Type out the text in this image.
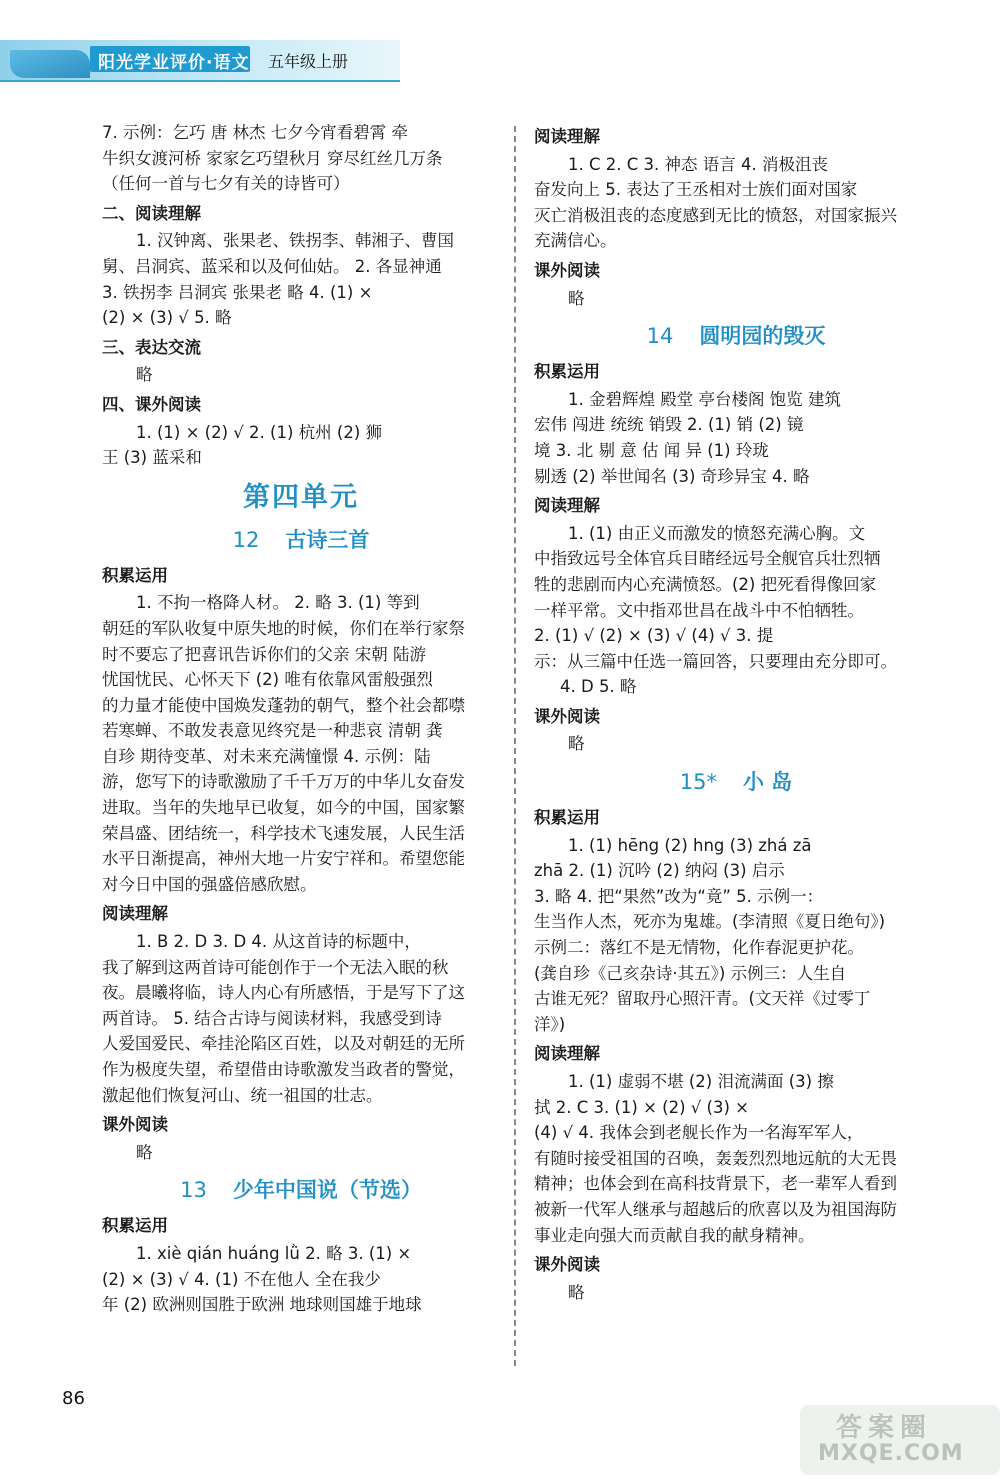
阳光学业评价·语文 五年级上册

7. 示例：乞巧 唐 林杰 七夕今宵看碧霄 牵

牛织女渡河桥 家家乞巧望秋月 穿尽红丝几万条

（任何一首与七夕有关的诗皆可）

二、阅读理解

1. 汉钟离、张果老、铁拐李、韩湘子、曹国

舅、吕洞宾、蓝采和以及何仙姑。 2. 各显神通

3. 铁拐李 吕洞宾 张果老 略 4. (1) ×

(2) × (3) √ 5. 略

三、表达交流

略

四、课外阅读

1. (1) × (2) √ 2. (1) 杭州 (2) 狮

王 (3) 蓝采和

第四单元
12 古诗三首

积累运用

1. 不拘一格降人材。 2. 略 3. (1) 等到

朝廷的军队收复中原失地的时候，你们在举行家祭

时不要忘了把喜讯告诉你们的父亲 宋朝 陆游

忧国忧民、心怀天下 (2) 唯有依靠风雷般强烈

的力量才能使中国焕发蓬勃的朝气，整个社会都噤

若寒蝉、不敢发表意见终究是一种悲哀 清朝 龚

自珍 期待变革、对未来充满憧憬 4. 示例：陆

游，您写下的诗歌激励了千千万万的中华儿女奋发

进取。当年的失地早已收复，如今的中国，国家繁

荣昌盛、团结统一，科学技术飞速发展，人民生活

水平日渐提高，神州大地一片安宁祥和。希望您能

对今日中国的强盛倍感欣慰。

阅读理解

1. B 2. D 3. D 4. 从这首诗的标题中，

我了解到这两首诗可能创作于一个无法入眠的秋

夜。晨曦将临，诗人内心有所感悟，于是写下了这

两首诗。 5. 结合古诗与阅读材料，我感受到诗

人爱国爱民、牵挂沦陷区百姓，以及对朝廷的无所

作为极度失望，希望借由诗歌激发当政者的警觉，

激起他们恢复河山、统一祖国的壮志。

课外阅读

略

13 少年中国说（节选）

积累运用

1. xiè qián huáng lǜ 2. 略 3. (1) ×

(2) × (3) √ 4. (1) 不在他人 全在我少

年 (2) 欧洲则国胜于欧洲 地球则国雄于地球

阅读理解

1. C 2. C 3. 神态 语言 4. 消极沮丧

奋发向上 5. 表达了王丞相对士族们面对国家

灭亡消极沮丧的态度感到无比的愤怒，对国家振兴

充满信心。

课外阅读

略

14 圆明园的毁灭

积累运用

1. 金碧辉煌 殿堂 亭台楼阁 饱览 建筑

宏伟 闯进 统统 销毁 2. (1) 销 (2) 镜

境 3. 北 剔 意 估 闻 异 (1) 玲珑

剔透 (2) 举世闻名 (3) 奇珍异宝 4. 略

阅读理解

1. (1) 由正义而激发的愤怒充满心胸。文

中指致远号全体官兵目睹经远号全舰官兵壮烈牺

牲的悲剧而内心充满愤怒。(2) 把死看得像回家

一样平常。文中指邓世昌在战斗中不怕牺牲。

2. (1) √ (2) × (3) √ (4) √ 3. 提

示：从三篇中任选一篇回答，只要理由充分即可。

4. D 5. 略

课外阅读

略

15* 小 岛

积累运用

1. (1) hēng (2) hng (3) zhá zā

zhā 2. (1) 沉吟 (2) 纳闷 (3) 启示

3. 略 4. 把“果然”改为“竟” 5. 示例一：

生当作人杰，死亦为鬼雄。(李清照《夏日绝句》)

示例二：落红不是无情物，化作春泥更护花。

(龚自珍《己亥杂诗·其五》) 示例三：人生自

古谁无死？留取丹心照汗青。(文天祥《过零丁

洋》)

阅读理解

1. (1) 虚弱不堪 (2) 泪流满面 (3) 擦

拭 2. C 3. (1) × (2) √ (3) ×

(4) √ 4. 我体会到老舰长作为一名海军军人，

有随时接受祖国的召唤，轰轰烈烈地远航的大无畏

精神；也体会到在高科技背景下，老一辈军人看到

被新一代军人继承与超越后的欣喜以及为祖国海防

事业走向强大而贡献自我的献身精神。

课外阅读

略

86
答案圈
MXQE.COM
